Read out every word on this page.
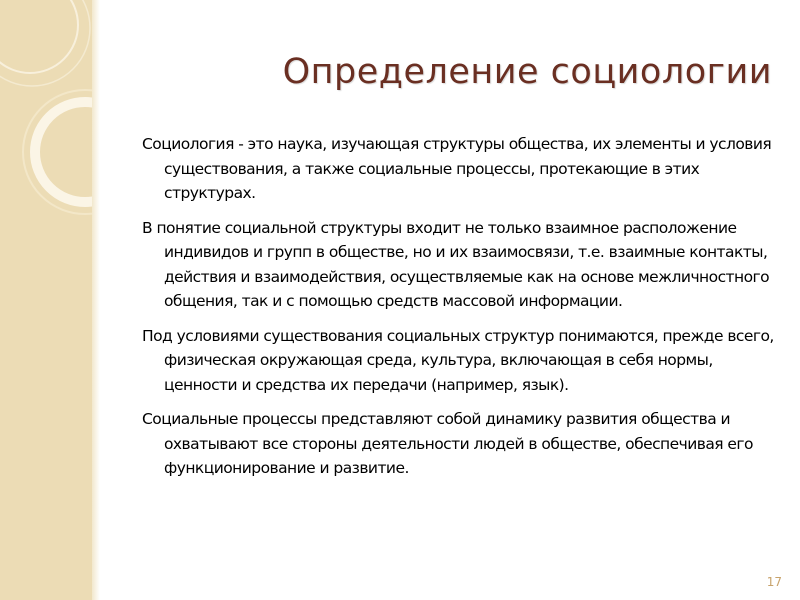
Определение социологии

Социология - это наука, изучающая структуры общества, их элементы и условия существования, а также социальные процессы, протекающие в этих структурах.

В понятие социальной структуры входит не только взаимное расположение индивидов и групп в обществе, но и их взаимосвязи, т.е. взаимные контакты, действия и взаимодействия, осуществляемые как на основе межличностного общения, так и с помощью средств массовой информации.

Под условиями существования социальных структур понимаются, прежде всего, физическая окружающая среда, культура, включающая в себя нормы, ценности и средства их передачи (например, язык).

Социальные процессы представляют собой динамику развития общества и охватывают все стороны деятельности людей в обществе, обеспечивая его функционирование и развитие.

17
